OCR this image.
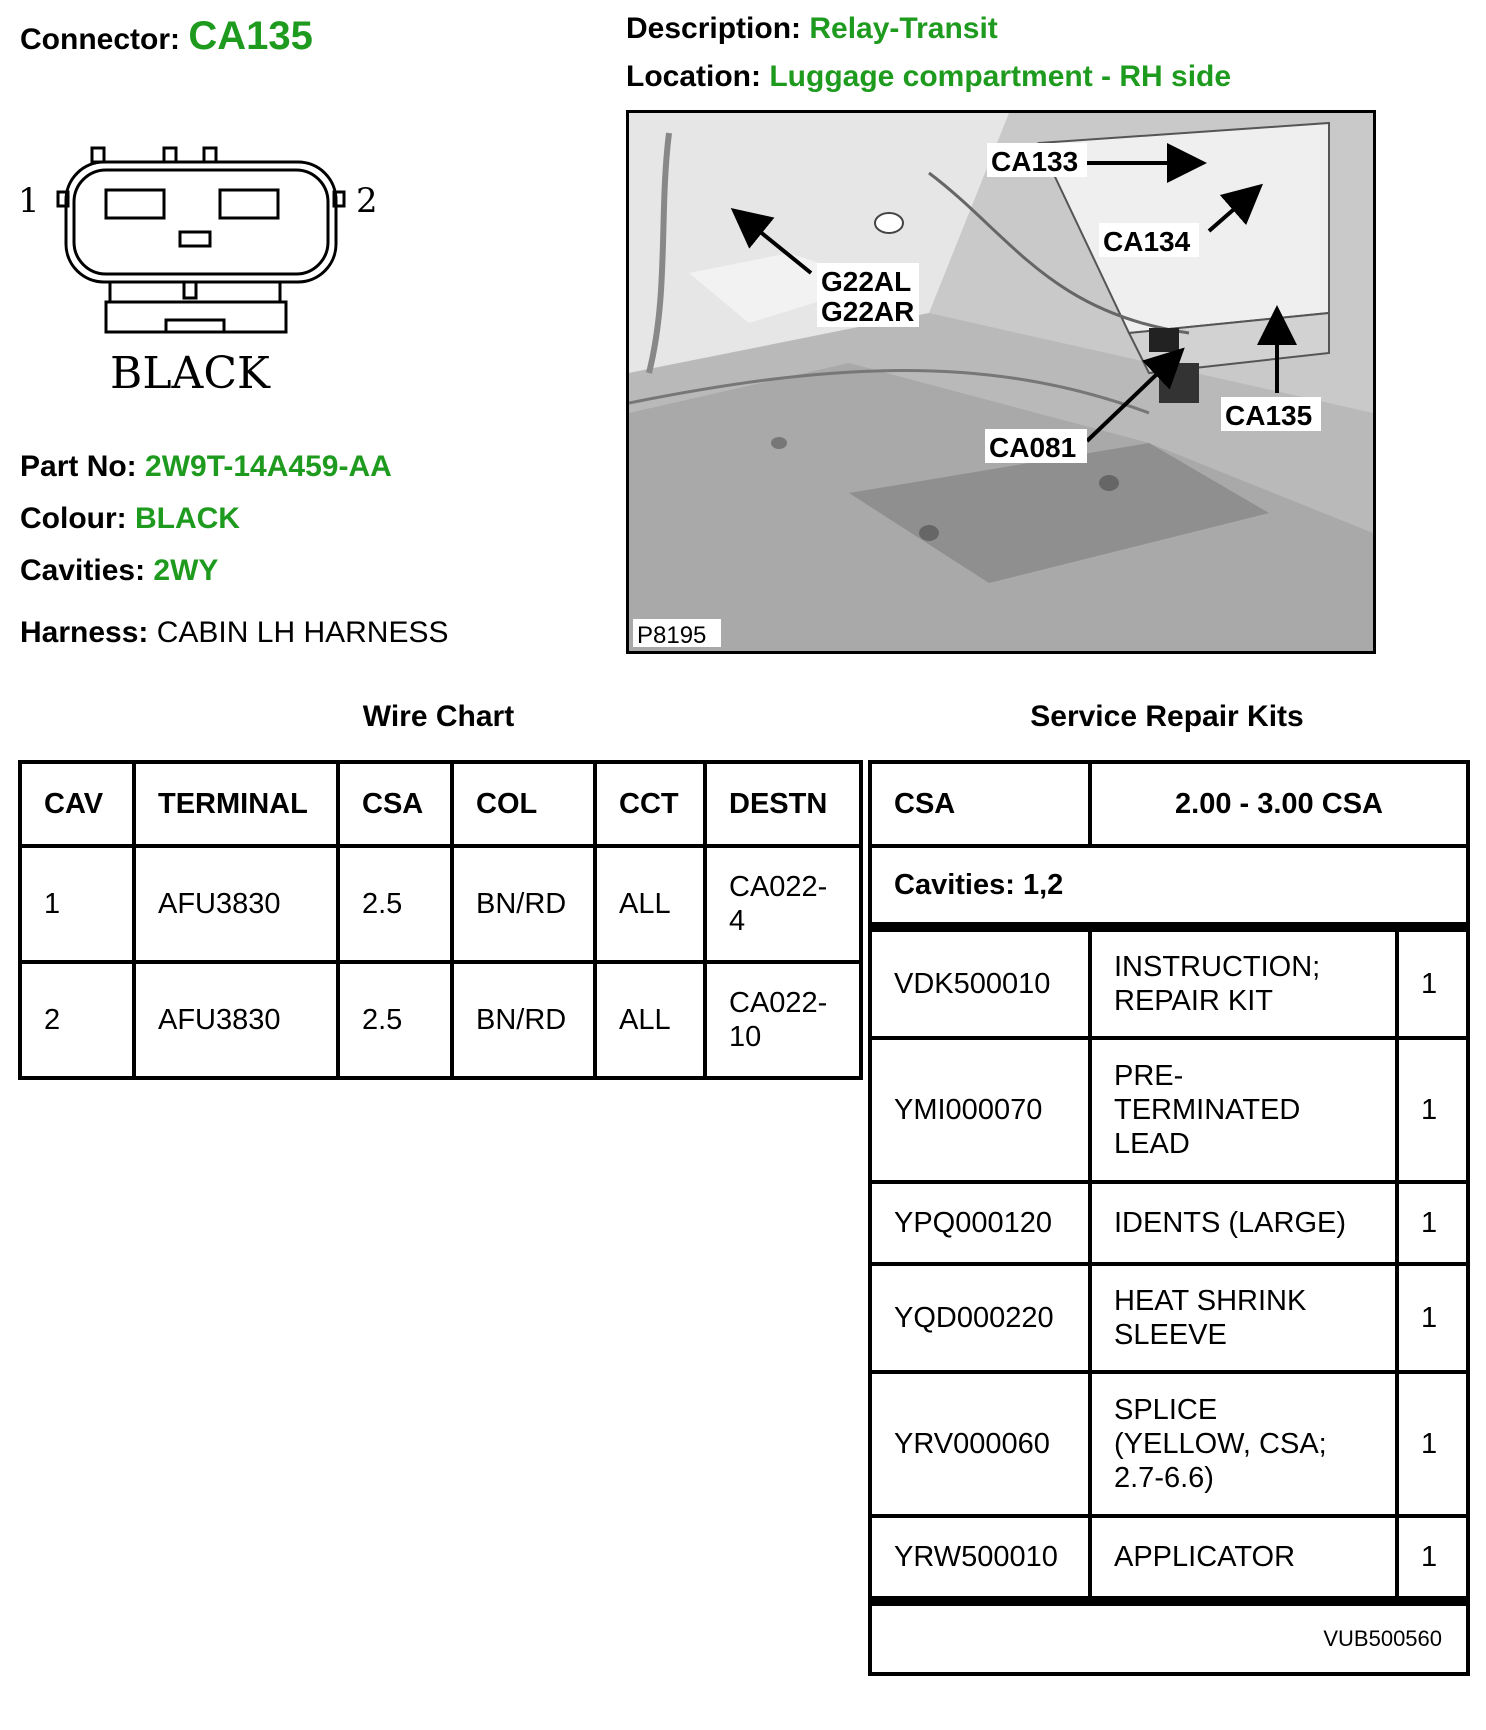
Connector: CA135	Description: Relay-Transit
Location: Luggage compartment - RH side
1	2
BLACK
Part No: 2W9T-14A459-AA
Colour: BLACK
Cavities: 2WY
Harness: CABIN LH HARNESS
CA133
CA134
G22AL
G22AR
CA135
CA081
P8195
Wire Chart	Service Repair Kits
CAV	TERMINAL	CSA	COL	CCT	DESTN
1	AFU3830	2.5	BN/RD	ALL	CA022-
4

2	AFU3830	2.5	BN/RD	ALL	CA022-
10
CSA	2.00 - 3.00 CSA	
Cavities: 1,2		
VDK500010	INSTRUCTION;
REPAIR KIT	1
YMI000070	PRE-
TERMINATED
LEAD	1
YPQ000120	IDENTS (LARGE)	1
YQD000220	HEAT SHRINK
SLEEVE	1
YRV000060	SPLICE
(YELLOW, CSA;
2.7-6.6)	1
YRW500010	APPLICATOR	1
VUB500560		
